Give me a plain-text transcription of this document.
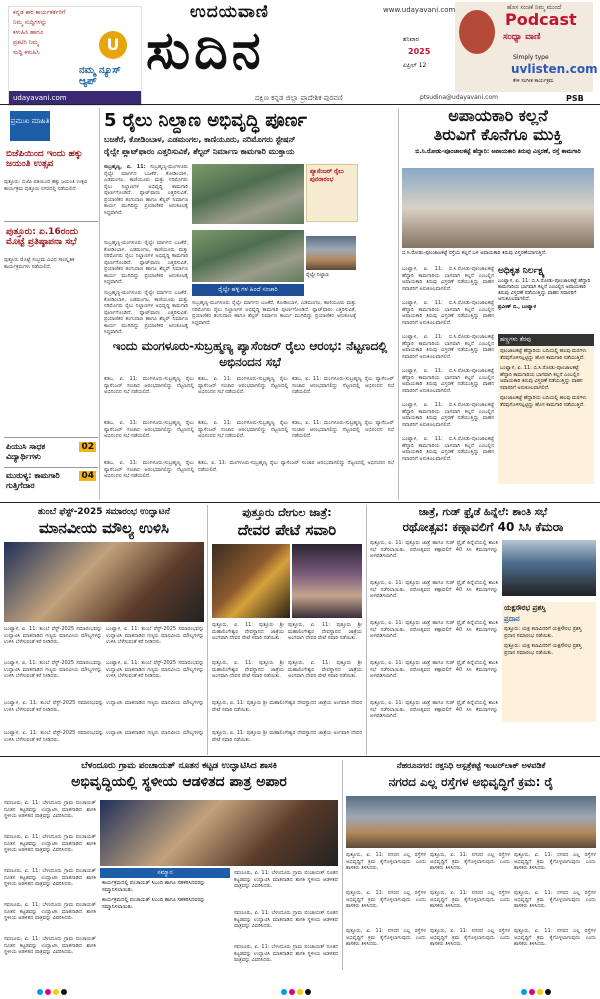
ಕನ್ನಡ ಕಾರ ಕಾರ್ಯಕರ್ತರಿಗೆ
ನಿಮ್ಮ ಸುದ್ದಿಗಳನ್ನು
ಕಳುಹಿಸಿ ಹಾಗೂ
ಪ್ರಕಟಿಸಿ ನಿಮ್ಮ
ಸುದ್ದಿ ಕಳುಹಿಸಿ	U
ನಮ್ಮ ನ್ಯೂಸ್ ಆ್ಯಪ್
udayavani.com
ಉದಯವಾಣಿ	www.udayavani.com
ಸುದಿನ	ಶನಿವಾರ
2025
ಏಪ್ರಿಲ್ 12
ಹೊಸ ಸಂಚಿಕೆ ನಿಮ್ಮ ಮುಂದೆ
Podcast
ಸಂಧ್ಯಾ ವಾಣಿ
Simply type
uvlisten.com
ಕೇಳಿ ಸಂಗೀತ ಕಾರ್ಯಕ್ರಮ
ದಕ್ಷಿಣ ಕನ್ನಡ ಜಿಲ್ಲಾ ಪ್ರಾದೇಶಿಕ ಪುರವಣಿ	ptsudina@udayavani.com	PSB
ಪ್ರಮುಖ ಮಾಹಿತಿ
ಬಿಜೆಪಿಯಿಂದ ಇಂದು ಹಕ್ಕು ಜಯಂತಿ ಉತ್ಸವ
ಪುತ್ತೂರು: ಬಿಜೆಪಿ ವತಿಯಿಂದ ಹಕ್ಕು ಜಯಂತಿ ಉತ್ಸವ ಕಾರ್ಯಕ್ರಮ ಪುತ್ತೂರು ನಗರದಲ್ಲಿ ನಡೆಯಲಿದೆ.
ಪುತ್ತೂರು: ಏ.16ರಂದು ಮೊಟ್ಟೆ ಪ್ರತಿಷ್ಠಾಪನಾ ಸಭೆ
ಪುತ್ತೂರು ಮೊಟ್ಟೆ ಸಂಭ್ರಮ ವಿವಿಧ ಸಾಂಸ್ಕೃತಿಕ ಕಾರ್ಯಕ್ರಮಗಳು ನಡೆಯಲಿದೆ.
02
ಪಿಯುಸಿ ಸಾಧಕ ವಿದ್ಯಾರ್ಥಿಗಳು
04
ಮುರುಳ್ಯ: ಕಾಮಗಾರಿ ಗುತ್ತಿಗೆದಾರ
5 ರೈಲು ನಿಲ್ದಾಣ ಅಭಿವೃದ್ಧಿ ಪೂರ್ಣ
ಬಜಕೆರೆ, ಕೋಡಿಂಬಾಳ, ಎಡಮಂಗಲ, ಕಾಣಿಯೂರು, ನರಿಮೊಗರು ಸ್ಟೇಷನ್
ರೈಲ್ವೇ ಪ್ಲಾಟ್‌ಫಾರಂ ಎತ್ತರಿಸುವಿಕೆ, ಶೆಲ್ಟರ್ ನಿರ್ಮಾಣ ಕಾಮಗಾರಿ ಮುಕ್ತಾಯ
ಸುಬ್ರಹ್ಮಣ್ಯ, ಏ. 11: ಸುಬ್ರಹ್ಮಣ್ಯ-ಮಂಗಳೂರು ರೈಲ್ವೇ ಮಾರ್ಗದ ಬಜಕೆರೆ, ಕೋಡಿಂಬಾಳ, ಎಡಮಂಗಲ, ಕಾಣಿಯೂರು ಮತ್ತು ನರಿಮೊಗರು ರೈಲು ನಿಲ್ದಾಣಗಳ ಅಭಿವೃದ್ಧಿ ಕಾಮಗಾರಿ ಪೂರ್ಣಗೊಂಡಿದೆ. ಪ್ಲಾಟ್‌ಫಾರಂ ಎತ್ತರಿಸುವಿಕೆ, ಪ್ರಯಾಣಿಕರ ತಂಗುದಾಣ ಹಾಗೂ ಶೆಲ್ಟರ್ ನಿರ್ಮಾಣ ಕಾರ್ಯ ಮುಗಿದಿದ್ದು ಪ್ರಯಾಣಿಕರ ಅನುಕೂಲಕ್ಕೆ ಸಿದ್ಧವಾಗಿದೆ.
ಪ್ಯಾಸೆಂಜರ್ ರೈಲು ಪುನರಾರಂಭ
ರೈಲ್ವೇ ನಿಲ್ದಾಣ
ರೈಲ್ವೇ ಹಳ್ಳಿ ಗಳ ಹಿಂದೆ ಸಂಚಾರಿ
ಸುಬ್ರಹ್ಮಣ್ಯ-ಮಂಗಳೂರು ರೈಲ್ವೇ ಮಾರ್ಗದ ಬಜಕೆರೆ, ಕೋಡಿಂಬಾಳ, ಎಡಮಂಗಲ, ಕಾಣಿಯೂರು ಮತ್ತು ನರಿಮೊಗರು ರೈಲು ನಿಲ್ದಾಣಗಳ ಅಭಿವೃದ್ಧಿ ಕಾಮಗಾರಿ ಪೂರ್ಣಗೊಂಡಿದೆ. ಪ್ಲಾಟ್‌ಫಾರಂ ಎತ್ತರಿಸುವಿಕೆ, ಪ್ರಯಾಣಿಕರ ತಂಗುದಾಣ ಹಾಗೂ ಶೆಲ್ಟರ್ ನಿರ್ಮಾಣ ಕಾರ್ಯ ಮುಗಿದಿದ್ದು ಪ್ರಯಾಣಿಕರ ಅನುಕೂಲಕ್ಕೆ ಸಿದ್ಧವಾಗಿದೆ.
ಸುಬ್ರಹ್ಮಣ್ಯ-ಮಂಗಳೂರು ರೈಲ್ವೇ ಮಾರ್ಗದ ಬಜಕೆರೆ, ಕೋಡಿಂಬಾಳ, ಎಡಮಂಗಲ, ಕಾಣಿಯೂರು ಮತ್ತು ನರಿಮೊಗರು ರೈಲು ನಿಲ್ದಾಣಗಳ ಅಭಿವೃದ್ಧಿ ಕಾಮಗಾರಿ ಪೂರ್ಣಗೊಂಡಿದೆ. ಪ್ಲಾಟ್‌ಫಾರಂ ಎತ್ತರಿಸುವಿಕೆ, ಪ್ರಯಾಣಿಕರ ತಂಗುದಾಣ ಹಾಗೂ ಶೆಲ್ಟರ್ ನಿರ್ಮಾಣ ಕಾರ್ಯ ಮುಗಿದಿದ್ದು ಪ್ರಯಾಣಿಕರ ಅನುಕೂಲಕ್ಕೆ ಸಿದ್ಧವಾಗಿದೆ.
ಸುಬ್ರಹ್ಮಣ್ಯ-ಮಂಗಳೂರು ರೈಲ್ವೇ ಮಾರ್ಗದ ಬಜಕೆರೆ, ಕೋಡಿಂಬಾಳ, ಎಡಮಂಗಲ, ಕಾಣಿಯೂರು ಮತ್ತು ನರಿಮೊಗರು ರೈಲು ನಿಲ್ದಾಣಗಳ ಅಭಿವೃದ್ಧಿ ಕಾಮಗಾರಿ ಪೂರ್ಣಗೊಂಡಿದೆ. ಪ್ಲಾಟ್‌ಫಾರಂ ಎತ್ತರಿಸುವಿಕೆ, ಪ್ರಯಾಣಿಕರ ತಂಗುದಾಣ ಹಾಗೂ ಶೆಲ್ಟರ್ ನಿರ್ಮಾಣ ಕಾರ್ಯ ಮುಗಿದಿದ್ದು ಪ್ರಯಾಣಿಕರ ಅನುಕೂಲಕ್ಕೆ ಸಿದ್ಧವಾಗಿದೆ.
ಇಂದು ಮಂಗಳೂರು-ಸುಬ್ರಹ್ಮಣ್ಯ ಪ್ಯಾಸೆಂಜರ್ ರೈಲು ಆರಂಭ: ನೆಟ್ಟಣದಲ್ಲಿ ಅಭಿನಂದನ ಸಭೆ
ಕಡಬ, ಏ. 11: ಮಂಗಳೂರು-ಸುಬ್ರಹ್ಮಣ್ಯ ರೈಲು ಪ್ಯಾಸೆಂಜರ್ ಸಂಚಾರ ಆರಂಭವಾಗಲಿದ್ದು ನೆಟ್ಟಣದಲ್ಲಿ ಅಭಿನಂದನ ಸಭೆ ನಡೆಯಲಿದೆ.
ಕಡಬ, ಏ. 11: ಮಂಗಳೂರು-ಸುಬ್ರಹ್ಮಣ್ಯ ರೈಲು ಪ್ಯಾಸೆಂಜರ್ ಸಂಚಾರ ಆರಂಭವಾಗಲಿದ್ದು ನೆಟ್ಟಣದಲ್ಲಿ ಅಭಿನಂದನ ಸಭೆ ನಡೆಯಲಿದೆ.
ಕಡಬ, ಏ. 11: ಮಂಗಳೂರು-ಸುಬ್ರಹ್ಮಣ್ಯ ರೈಲು ಪ್ಯಾಸೆಂಜರ್ ಸಂಚಾರ ಆರಂಭವಾಗಲಿದ್ದು ನೆಟ್ಟಣದಲ್ಲಿ ಅಭಿನಂದನ ಸಭೆ ನಡೆಯಲಿದೆ.
ಕಡಬ, ಏ. 11: ಮಂಗಳೂರು-ಸುಬ್ರಹ್ಮಣ್ಯ ರೈಲು ಪ್ಯಾಸೆಂಜರ್ ಸಂಚಾರ ಆರಂಭವಾಗಲಿದ್ದು ನೆಟ್ಟಣದಲ್ಲಿ ಅಭಿನಂದನ ಸಭೆ ನಡೆಯಲಿದೆ.
ಕಡಬ, ಏ. 11: ಮಂಗಳೂರು-ಸುಬ್ರಹ್ಮಣ್ಯ ರೈಲು ಪ್ಯಾಸೆಂಜರ್ ಸಂಚಾರ ಆರಂಭವಾಗಲಿದ್ದು ನೆಟ್ಟಣದಲ್ಲಿ ಅಭಿನಂದನ ಸಭೆ ನಡೆಯಲಿದೆ.
ಕಡಬ, ಏ. 11: ಮಂಗಳೂರು-ಸುಬ್ರಹ್ಮಣ್ಯ ರೈಲು ಪ್ಯಾಸೆಂಜರ್ ಸಂಚಾರ ಆರಂಭವಾಗಲಿದ್ದು ನೆಟ್ಟಣದಲ್ಲಿ ಅಭಿನಂದನ ಸಭೆ ನಡೆಯಲಿದೆ.
ಕಡಬ, ಏ. 11: ಮಂಗಳೂರು-ಸುಬ್ರಹ್ಮಣ್ಯ ರೈಲು ಪ್ಯಾಸೆಂಜರ್ ಸಂಚಾರ ಆರಂಭವಾಗಲಿದ್ದು ನೆಟ್ಟಣದಲ್ಲಿ ಅಭಿನಂದನ ಸಭೆ ನಡೆಯಲಿದೆ.
ಕಡಬ, ಏ. 11: ಮಂಗಳೂರು-ಸುಬ್ರಹ್ಮಣ್ಯ ರೈಲು ಪ್ಯಾಸೆಂಜರ್ ಸಂಚಾರ ಆರಂಭವಾಗಲಿದ್ದು ನೆಟ್ಟಣದಲ್ಲಿ ಅಭಿನಂದನ ಸಭೆ ನಡೆಯಲಿದೆ.
ಅಪಾಯಕಾರಿ ಕಲ್ಲನೆ
ತಿರುವಿಗೆ ಕೊನೆಗೂ ಮುಕ್ತಿ
ಬಿ.ಸಿ.ರೋಡು-ಪೂಂಜಾಲಕಟ್ಟೆ ಹೆದ್ದಾರಿ: ಅಪಾಯಕಾರಿ ತಿರುವು ವಿಸ್ತರಣೆ, ರಸ್ತೆ ಕಾಮಗಾರಿ
ಬಿ.ಸಿ.ರೋಡು-ಪೂಂಜಾಲಕಟ್ಟೆ ರಸ್ತೆಯ ಕಲ್ಲನೆ ಬಳಿ ಅಪಾಯಕಾರಿ ತಿರುವು ವಿಸ್ತರಣೆಯಾಗುತ್ತಿದೆ.
ಬಂಟ್ವಾಳ, ಏ. 11: ಬಿ.ಸಿ.ರೋಡು-ಪೂಂಜಾಲಕಟ್ಟೆ ಹೆದ್ದಾರಿ ಕಾಮಗಾರಿಯ ಭಾಗವಾಗಿ ಕಲ್ಲನೆ ಎಂಬಲ್ಲಿನ ಅಪಾಯಕಾರಿ ತಿರುವು ವಿಸ್ತರಣೆ ನಡೆಯುತ್ತಿದ್ದು ವಾಹನ ಸವಾರರಿಗೆ ಅನುಕೂಲವಾಗಲಿದೆ.
ಬಂಟ್ವಾಳ, ಏ. 11: ಬಿ.ಸಿ.ರೋಡು-ಪೂಂಜಾಲಕಟ್ಟೆ ಹೆದ್ದಾರಿ ಕಾಮಗಾರಿಯ ಭಾಗವಾಗಿ ಕಲ್ಲನೆ ಎಂಬಲ್ಲಿನ ಅಪಾಯಕಾರಿ ತಿರುವು ವಿಸ್ತರಣೆ ನಡೆಯುತ್ತಿದ್ದು ವಾಹನ ಸವಾರರಿಗೆ ಅನುಕೂಲವಾಗಲಿದೆ.
ಬಂಟ್ವಾಳ, ಏ. 11: ಬಿ.ಸಿ.ರೋಡು-ಪೂಂಜಾಲಕಟ್ಟೆ ಹೆದ್ದಾರಿ ಕಾಮಗಾರಿಯ ಭಾಗವಾಗಿ ಕಲ್ಲನೆ ಎಂಬಲ್ಲಿನ ಅಪಾಯಕಾರಿ ತಿರುವು ವಿಸ್ತರಣೆ ನಡೆಯುತ್ತಿದ್ದು ವಾಹನ ಸವಾರರಿಗೆ ಅನುಕೂಲವಾಗಲಿದೆ.
ಬಂಟ್ವಾಳ, ಏ. 11: ಬಿ.ಸಿ.ರೋಡು-ಪೂಂಜಾಲಕಟ್ಟೆ ಹೆದ್ದಾರಿ ಕಾಮಗಾರಿಯ ಭಾಗವಾಗಿ ಕಲ್ಲನೆ ಎಂಬಲ್ಲಿನ ಅಪಾಯಕಾರಿ ತಿರುವು ವಿಸ್ತರಣೆ ನಡೆಯುತ್ತಿದ್ದು ವಾಹನ ಸವಾರರಿಗೆ ಅನುಕೂಲವಾಗಲಿದೆ.
ಬಂಟ್ವಾಳ, ಏ. 11: ಬಿ.ಸಿ.ರೋಡು-ಪೂಂಜಾಲಕಟ್ಟೆ ಹೆದ್ದಾರಿ ಕಾಮಗಾರಿಯ ಭಾಗವಾಗಿ ಕಲ್ಲನೆ ಎಂಬಲ್ಲಿನ ಅಪಾಯಕಾರಿ ತಿರುವು ವಿಸ್ತರಣೆ ನಡೆಯುತ್ತಿದ್ದು ವಾಹನ ಸವಾರರಿಗೆ ಅನುಕೂಲವಾಗಲಿದೆ.
ಬಂಟ್ವಾಳ, ಏ. 11: ಬಿ.ಸಿ.ರೋಡು-ಪೂಂಜಾಲಕಟ್ಟೆ ಹೆದ್ದಾರಿ ಕಾಮಗಾರಿಯ ಭಾಗವಾಗಿ ಕಲ್ಲನೆ ಎಂಬಲ್ಲಿನ ಅಪಾಯಕಾರಿ ತಿರುವು ವಿಸ್ತರಣೆ ನಡೆಯುತ್ತಿದ್ದು ವಾಹನ ಸವಾರರಿಗೆ ಅನುಕೂಲವಾಗಲಿದೆ.
ಅಧಿಕೃತ ನಿರ್ಲಕ್ಷ್ಯ
ಬಂಟ್ವಾಳ, ಏ. 11: ಬಿ.ಸಿ.ರೋಡು-ಪೂಂಜಾಲಕಟ್ಟೆ ಹೆದ್ದಾರಿ ಕಾಮಗಾರಿಯ ಭಾಗವಾಗಿ ಕಲ್ಲನೆ ಎಂಬಲ್ಲಿನ ಅಪಾಯಕಾರಿ ತಿರುವು ವಿಸ್ತರಣೆ ನಡೆಯುತ್ತಿದ್ದು ವಾಹನ ಸವಾರರಿಗೆ ಅನುಕೂಲವಾಗಲಿದೆ.
ಪ್ರವೀಣ್ ಬಿ., ಬಂಟ್ವಾಳ
ಹಣ್ಣಗಳು ತೆರವು
ಪೂಂಜಾಲಕಟ್ಟೆ ಹೆದ್ದಾರಿಯ ಬದಿಯಲ್ಲಿ ಹಲವು ಮರಗಳು ತೆರವುಗೊಳಿಸಲ್ಪಟ್ಟಿದ್ದು ಹೊಸ ಕಾಮಗಾರಿ ನಡೆಯುತ್ತಿದೆ.
ಬಂಟ್ವಾಳ, ಏ. 11: ಬಿ.ಸಿ.ರೋಡು-ಪೂಂಜಾಲಕಟ್ಟೆ ಹೆದ್ದಾರಿ ಕಾಮಗಾರಿಯ ಭಾಗವಾಗಿ ಕಲ್ಲನೆ ಎಂಬಲ್ಲಿನ ಅಪಾಯಕಾರಿ ತಿರುವು ವಿಸ್ತರಣೆ ನಡೆಯುತ್ತಿದ್ದು ವಾಹನ ಸವಾರರಿಗೆ ಅನುಕೂಲವಾಗಲಿದೆ.
ಪೂಂಜಾಲಕಟ್ಟೆ ಹೆದ್ದಾರಿಯ ಬದಿಯಲ್ಲಿ ಹಲವು ಮರಗಳು ತೆರವುಗೊಳಿಸಲ್ಪಟ್ಟಿದ್ದು ಹೊಸ ಕಾಮಗಾರಿ ನಡೆಯುತ್ತಿದೆ.
ತುಂಬೆ ಫೆಸ್ಟ್-2025 ಸಮಾರಂಭ ಉದ್ಘಾಟನೆ
ಮಾನವೀಯ ಮೌಲ್ಯ ಉಳಿಸಿ
ಬಂಟ್ವಾಳ, ಏ. 11: ತುಂಬೆ ಫೆಸ್ಟ್-2025 ಸಮಾರಂಭವನ್ನು ಉದ್ಘಾಟಿಸಿ ಮಾತನಾಡಿದ ಗಣ್ಯರು ಮಾನವೀಯ ಮೌಲ್ಯಗಳನ್ನು ಉಳಿಸಿ ಬೆಳೆಸುವಂತೆ ಕರೆ ನೀಡಿದರು.
ಬಂಟ್ವಾಳ, ಏ. 11: ತುಂಬೆ ಫೆಸ್ಟ್-2025 ಸಮಾರಂಭವನ್ನು ಉದ್ಘಾಟಿಸಿ ಮಾತನಾಡಿದ ಗಣ್ಯರು ಮಾನವೀಯ ಮೌಲ್ಯಗಳನ್ನು ಉಳಿಸಿ ಬೆಳೆಸುವಂತೆ ಕರೆ ನೀಡಿದರು.
ಬಂಟ್ವಾಳ, ಏ. 11: ತುಂಬೆ ಫೆಸ್ಟ್-2025 ಸಮಾರಂಭವನ್ನು ಉದ್ಘಾಟಿಸಿ ಮಾತನಾಡಿದ ಗಣ್ಯರು ಮಾನವೀಯ ಮೌಲ್ಯಗಳನ್ನು ಉಳಿಸಿ ಬೆಳೆಸುವಂತೆ ಕರೆ ನೀಡಿದರು.
ಬಂಟ್ವಾಳ, ಏ. 11: ತುಂಬೆ ಫೆಸ್ಟ್-2025 ಸಮಾರಂಭವನ್ನು ಉದ್ಘಾಟಿಸಿ ಮಾತನಾಡಿದ ಗಣ್ಯರು ಮಾನವೀಯ ಮೌಲ್ಯಗಳನ್ನು ಉಳಿಸಿ ಬೆಳೆಸುವಂತೆ ಕರೆ ನೀಡಿದರು.
ಬಂಟ್ವಾಳ, ಏ. 11: ತುಂಬೆ ಫೆಸ್ಟ್-2025 ಸಮಾರಂಭವನ್ನು ಉದ್ಘಾಟಿಸಿ ಮಾತನಾಡಿದ ಗಣ್ಯರು ಮಾನವೀಯ ಮೌಲ್ಯಗಳನ್ನು ಉಳಿಸಿ ಬೆಳೆಸುವಂತೆ ಕರೆ ನೀಡಿದರು.
ಬಂಟ್ವಾಳ, ಏ. 11: ತುಂಬೆ ಫೆಸ್ಟ್-2025 ಸಮಾರಂಭವನ್ನು ಉದ್ಘಾಟಿಸಿ ಮಾತನಾಡಿದ ಗಣ್ಯರು ಮಾನವೀಯ ಮೌಲ್ಯಗಳನ್ನು ಉಳಿಸಿ ಬೆಳೆಸುವಂತೆ ಕರೆ ನೀಡಿದರು.
ಪುತ್ತೂರು ದೇಗುಲ ಜಾತ್ರೆ:
ದೇವರ ಪೇಟೆ ಸವಾರಿ
ಪುತ್ತೂರು, ಏ. 11: ಪುತ್ತೂರು ಶ್ರೀ ಮಹಾಲಿಂಗೇಶ್ವರ ದೇವಸ್ಥಾನದ ಜಾತ್ರೆಯ ಅಂಗವಾಗಿ ದೇವರ ಪೇಟೆ ಸವಾರಿ ನಡೆಯಿತು.
ಪುತ್ತೂರು, ಏ. 11: ಪುತ್ತೂರು ಶ್ರೀ ಮಹಾಲಿಂಗೇಶ್ವರ ದೇವಸ್ಥಾನದ ಜಾತ್ರೆಯ ಅಂಗವಾಗಿ ದೇವರ ಪೇಟೆ ಸವಾರಿ ನಡೆಯಿತು.
ಪುತ್ತೂರು, ಏ. 11: ಪುತ್ತೂರು ಶ್ರೀ ಮಹಾಲಿಂಗೇಶ್ವರ ದೇವಸ್ಥಾನದ ಜಾತ್ರೆಯ ಅಂಗವಾಗಿ ದೇವರ ಪೇಟೆ ಸವಾರಿ ನಡೆಯಿತು.
ಪುತ್ತೂರು, ಏ. 11: ಪುತ್ತೂರು ಶ್ರೀ ಮಹಾಲಿಂಗೇಶ್ವರ ದೇವಸ್ಥಾನದ ಜಾತ್ರೆಯ ಅಂಗವಾಗಿ ದೇವರ ಪೇಟೆ ಸವಾರಿ ನಡೆಯಿತು.
ಪುತ್ತೂರು, ಏ. 11: ಪುತ್ತೂರು ಶ್ರೀ ಮಹಾಲಿಂಗೇಶ್ವರ ದೇವಸ್ಥಾನದ ಜಾತ್ರೆಯ ಅಂಗವಾಗಿ ದೇವರ ಪೇಟೆ ಸವಾರಿ ನಡೆಯಿತು.
ಪುತ್ತೂರು, ಏ. 11: ಪುತ್ತೂರು ಶ್ರೀ ಮಹಾಲಿಂಗೇಶ್ವರ ದೇವಸ್ಥಾನದ ಜಾತ್ರೆಯ ಅಂಗವಾಗಿ ದೇವರ ಪೇಟೆ ಸವಾರಿ ನಡೆಯಿತು.
ಜಾತ್ರೆ, ಗುಡ್ ಫ್ರೈಡೆ ಹಿನ್ನೆಲೆ: ಶಾಂತಿ ಸಭೆ
ರಥೋತ್ಸವ: ಕಣ್ಗಾವಲಿಗೆ 40 ಸಿಸಿ ಕೆಮರಾ
ಪುತ್ತೂರು, ಏ. 11: ಪುತ್ತೂರು ಜಾತ್ರೆ ಹಾಗೂ ಗುಡ್ ಫ್ರೈಡೆ ಹಿನ್ನೆಲೆಯಲ್ಲಿ ಶಾಂತಿ ಸಭೆ ನಡೆಸಲಾಯಿತು. ರಥೋತ್ಸವದ ಕಣ್ಗಾವಲಿಗೆ 40 ಸಿಸಿ ಕೆಮರಾಗಳನ್ನು ಅಳವಡಿಸಲಾಗಿದೆ.
ಪುತ್ತೂರು, ಏ. 11: ಪುತ್ತೂರು ಜಾತ್ರೆ ಹಾಗೂ ಗುಡ್ ಫ್ರೈಡೆ ಹಿನ್ನೆಲೆಯಲ್ಲಿ ಶಾಂತಿ ಸಭೆ ನಡೆಸಲಾಯಿತು. ರಥೋತ್ಸವದ ಕಣ್ಗಾವಲಿಗೆ 40 ಸಿಸಿ ಕೆಮರಾಗಳನ್ನು ಅಳವಡಿಸಲಾಗಿದೆ.
ಯಕ್ಷಸೌರಭ ಪ್ರಶಸ್ತಿ
ಪ್ರದಾನ
ಪುತ್ತೂರು: ಯಕ್ಷ ಕಲಾವಿದರಿಗೆ ಯಕ್ಷಸೌರಭ ಪ್ರಶಸ್ತಿ ಪ್ರದಾನ ಸಮಾರಂಭ ನಡೆಯಿತು.
ಪುತ್ತೂರು: ಯಕ್ಷ ಕಲಾವಿದರಿಗೆ ಯಕ್ಷಸೌರಭ ಪ್ರಶಸ್ತಿ ಪ್ರದಾನ ಸಮಾರಂಭ ನಡೆಯಿತು.
ಪುತ್ತೂರು, ಏ. 11: ಪುತ್ತೂರು ಜಾತ್ರೆ ಹಾಗೂ ಗುಡ್ ಫ್ರೈಡೆ ಹಿನ್ನೆಲೆಯಲ್ಲಿ ಶಾಂತಿ ಸಭೆ ನಡೆಸಲಾಯಿತು. ರಥೋತ್ಸವದ ಕಣ್ಗಾವಲಿಗೆ 40 ಸಿಸಿ ಕೆಮರಾಗಳನ್ನು ಅಳವಡಿಸಲಾಗಿದೆ.
ಪುತ್ತೂರು, ಏ. 11: ಪುತ್ತೂರು ಜಾತ್ರೆ ಹಾಗೂ ಗುಡ್ ಫ್ರೈಡೆ ಹಿನ್ನೆಲೆಯಲ್ಲಿ ಶಾಂತಿ ಸಭೆ ನಡೆಸಲಾಯಿತು. ರಥೋತ್ಸವದ ಕಣ್ಗಾವಲಿಗೆ 40 ಸಿಸಿ ಕೆಮರಾಗಳನ್ನು ಅಳವಡಿಸಲಾಗಿದೆ.
ಪುತ್ತೂರು, ಏ. 11: ಪುತ್ತೂರು ಜಾತ್ರೆ ಹಾಗೂ ಗುಡ್ ಫ್ರೈಡೆ ಹಿನ್ನೆಲೆಯಲ್ಲಿ ಶಾಂತಿ ಸಭೆ ನಡೆಸಲಾಯಿತು. ರಥೋತ್ಸವದ ಕಣ್ಗಾವಲಿಗೆ 40 ಸಿಸಿ ಕೆಮರಾಗಳನ್ನು ಅಳವಡಿಸಲಾಗಿದೆ.
ಬೆಳಂದೂರು ಗ್ರಾಮ ಪಂಚಾಯತ್ ನೂತನ ಕಟ್ಟಡ ಉದ್ಘಾಟಿಸಿದ ಶಾಸಕಿ
ಅಭಿವೃದ್ಧಿಯಲ್ಲಿ ಸ್ಥಳೀಯ ಆಡಳಿತದ ಪಾತ್ರ ಅಪಾರ
ಸವಣೂರು, ಏ. 11: ಬೆಳಂದೂರು ಗ್ರಾಮ ಪಂಚಾಯತ್ ನೂತನ ಕಟ್ಟಡವನ್ನು ಉದ್ಘಾಟಿಸಿ ಮಾತನಾಡಿದ ಶಾಸಕಿ ಸ್ಥಳೀಯ ಆಡಳಿತದ ಪಾತ್ರವನ್ನು ವಿವರಿಸಿದರು.
ಸವಣೂರು, ಏ. 11: ಬೆಳಂದೂರು ಗ್ರಾಮ ಪಂಚಾಯತ್ ನೂತನ ಕಟ್ಟಡವನ್ನು ಉದ್ಘಾಟಿಸಿ ಮಾತನಾಡಿದ ಶಾಸಕಿ ಸ್ಥಳೀಯ ಆಡಳಿತದ ಪಾತ್ರವನ್ನು ವಿವರಿಸಿದರು.
ಸವಣೂರು, ಏ. 11: ಬೆಳಂದೂರು ಗ್ರಾಮ ಪಂಚಾಯತ್ ನೂತನ ಕಟ್ಟಡವನ್ನು ಉದ್ಘಾಟಿಸಿ ಮಾತನಾಡಿದ ಶಾಸಕಿ ಸ್ಥಳೀಯ ಆಡಳಿತದ ಪಾತ್ರವನ್ನು ವಿವರಿಸಿದರು.
ಸವಣೂರು, ಏ. 11: ಬೆಳಂದೂರು ಗ್ರಾಮ ಪಂಚಾಯತ್ ನೂತನ ಕಟ್ಟಡವನ್ನು ಉದ್ಘಾಟಿಸಿ ಮಾತನಾಡಿದ ಶಾಸಕಿ ಸ್ಥಳೀಯ ಆಡಳಿತದ ಪಾತ್ರವನ್ನು ವಿವರಿಸಿದರು.
ಸವಣೂರು, ಏ. 11: ಬೆಳಂದೂರು ಗ್ರಾಮ ಪಂಚಾಯತ್ ನೂತನ ಕಟ್ಟಡವನ್ನು ಉದ್ಘಾಟಿಸಿ ಮಾತನಾಡಿದ ಶಾಸಕಿ ಸ್ಥಳೀಯ ಆಡಳಿತದ ಪಾತ್ರವನ್ನು ವಿವರಿಸಿದರು.
ಸಮ್ಮಾನ
ಕಾರ್ಯಕ್ರಮದಲ್ಲಿ ಪಂಚಾಯತ್ ಸಿಬಂದಿ ಹಾಗೂ ಸಹಕರಿಸಿದವರನ್ನು ಸಮ್ಮಾನಿಸಲಾಯಿತು.
ಕಾರ್ಯಕ್ರಮದಲ್ಲಿ ಪಂಚಾಯತ್ ಸಿಬಂದಿ ಹಾಗೂ ಸಹಕರಿಸಿದವರನ್ನು ಸಮ್ಮಾನಿಸಲಾಯಿತು.
ಸವಣೂರು, ಏ. 11: ಬೆಳಂದೂರು ಗ್ರಾಮ ಪಂಚಾಯತ್ ನೂತನ ಕಟ್ಟಡವನ್ನು ಉದ್ಘಾಟಿಸಿ ಮಾತನಾಡಿದ ಶಾಸಕಿ ಸ್ಥಳೀಯ ಆಡಳಿತದ ಪಾತ್ರವನ್ನು ವಿವರಿಸಿದರು.
ಸವಣೂರು, ಏ. 11: ಬೆಳಂದೂರು ಗ್ರಾಮ ಪಂಚಾಯತ್ ನೂತನ ಕಟ್ಟಡವನ್ನು ಉದ್ಘಾಟಿಸಿ ಮಾತನಾಡಿದ ಶಾಸಕಿ ಸ್ಥಳೀಯ ಆಡಳಿತದ ಪಾತ್ರವನ್ನು ವಿವರಿಸಿದರು.
ಸವಣೂರು, ಏ. 11: ಬೆಳಂದೂರು ಗ್ರಾಮ ಪಂಚಾಯತ್ ನೂತನ ಕಟ್ಟಡವನ್ನು ಉದ್ಘಾಟಿಸಿ ಮಾತನಾಡಿದ ಶಾಸಕಿ ಸ್ಥಳೀಯ ಆಡಳಿತದ ಪಾತ್ರವನ್ನು ವಿವರಿಸಿದರು.
ನೆಹರೂನಗರ: ರಕ್ತನಿಧಿ ಆಸ್ಪತ್ರೆಕಟ್ಟೆ ಇಂಟರ್‌ಲಾಕ್ ಅಳವಡಿಕೆ
ನಗರದ ಎಲ್ಲ ರಸ್ತೆಗಳ ಅಭಿವೃದ್ಧಿಗೆ ಕ್ರಮ: ರೈ
ಪುತ್ತೂರು, ಏ. 11: ನಗರದ ಎಲ್ಲ ರಸ್ತೆಗಳ ಅಭಿವೃದ್ಧಿಗೆ ಕ್ರಮ ಕೈಗೊಳ್ಳಲಾಗುವುದು ಎಂದು ಶಾಸಕರು ತಿಳಿಸಿದರು.
ಪುತ್ತೂರು, ಏ. 11: ನಗರದ ಎಲ್ಲ ರಸ್ತೆಗಳ ಅಭಿವೃದ್ಧಿಗೆ ಕ್ರಮ ಕೈಗೊಳ್ಳಲಾಗುವುದು ಎಂದು ಶಾಸಕರು ತಿಳಿಸಿದರು.
ಪುತ್ತೂರು, ಏ. 11: ನಗರದ ಎಲ್ಲ ರಸ್ತೆಗಳ ಅಭಿವೃದ್ಧಿಗೆ ಕ್ರಮ ಕೈಗೊಳ್ಳಲಾಗುವುದು ಎಂದು ಶಾಸಕರು ತಿಳಿಸಿದರು.
ಪುತ್ತೂರು, ಏ. 11: ನಗರದ ಎಲ್ಲ ರಸ್ತೆಗಳ ಅಭಿವೃದ್ಧಿಗೆ ಕ್ರಮ ಕೈಗೊಳ್ಳಲಾಗುವುದು ಎಂದು ಶಾಸಕರು ತಿಳಿಸಿದರು.
ಪುತ್ತೂರು, ಏ. 11: ನಗರದ ಎಲ್ಲ ರಸ್ತೆಗಳ ಅಭಿವೃದ್ಧಿಗೆ ಕ್ರಮ ಕೈಗೊಳ್ಳಲಾಗುವುದು ಎಂದು ಶಾಸಕರು ತಿಳಿಸಿದರು.
ಪುತ್ತೂರು, ಏ. 11: ನಗರದ ಎಲ್ಲ ರಸ್ತೆಗಳ ಅಭಿವೃದ್ಧಿಗೆ ಕ್ರಮ ಕೈಗೊಳ್ಳಲಾಗುವುದು ಎಂದು ಶಾಸಕರು ತಿಳಿಸಿದರು.
ಪುತ್ತೂರು, ಏ. 11: ನಗರದ ಎಲ್ಲ ರಸ್ತೆಗಳ ಅಭಿವೃದ್ಧಿಗೆ ಕ್ರಮ ಕೈಗೊಳ್ಳಲಾಗುವುದು ಎಂದು ಶಾಸಕರು ತಿಳಿಸಿದರು.
ಪುತ್ತೂರು, ಏ. 11: ನಗರದ ಎಲ್ಲ ರಸ್ತೆಗಳ ಅಭಿವೃದ್ಧಿಗೆ ಕ್ರಮ ಕೈಗೊಳ್ಳಲಾಗುವುದು ಎಂದು ಶಾಸಕರು ತಿಳಿಸಿದರು.
ಪುತ್ತೂರು, ಏ. 11: ನಗರದ ಎಲ್ಲ ರಸ್ತೆಗಳ ಅಭಿವೃದ್ಧಿಗೆ ಕ್ರಮ ಕೈಗೊಳ್ಳಲಾಗುವುದು ಎಂದು ಶಾಸಕರು ತಿಳಿಸಿದರು.
